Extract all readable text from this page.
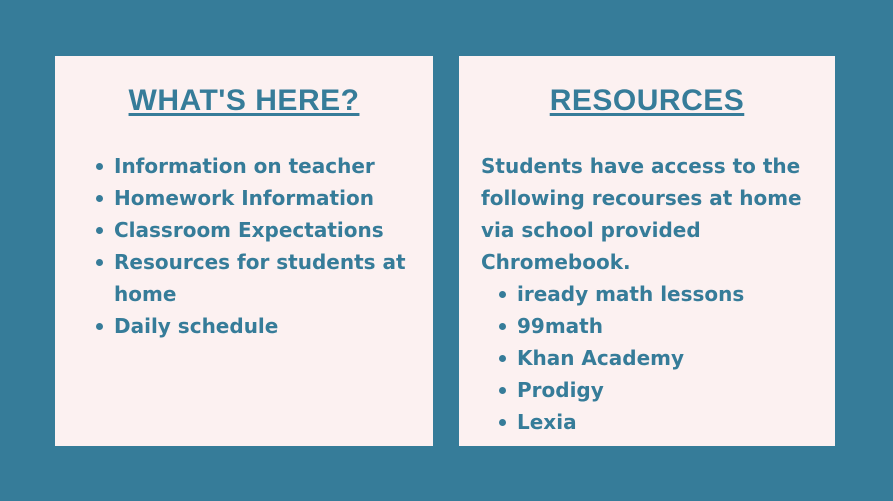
WHAT'S HERE?
Information on teacher
Homework Information
Classroom Expectations
Resources for students at home
Daily schedule
RESOURCES

Students have access to the following recourses at home via school provided Chromebook.

iready math lessons
99math
Khan Academy
Prodigy
Lexia
